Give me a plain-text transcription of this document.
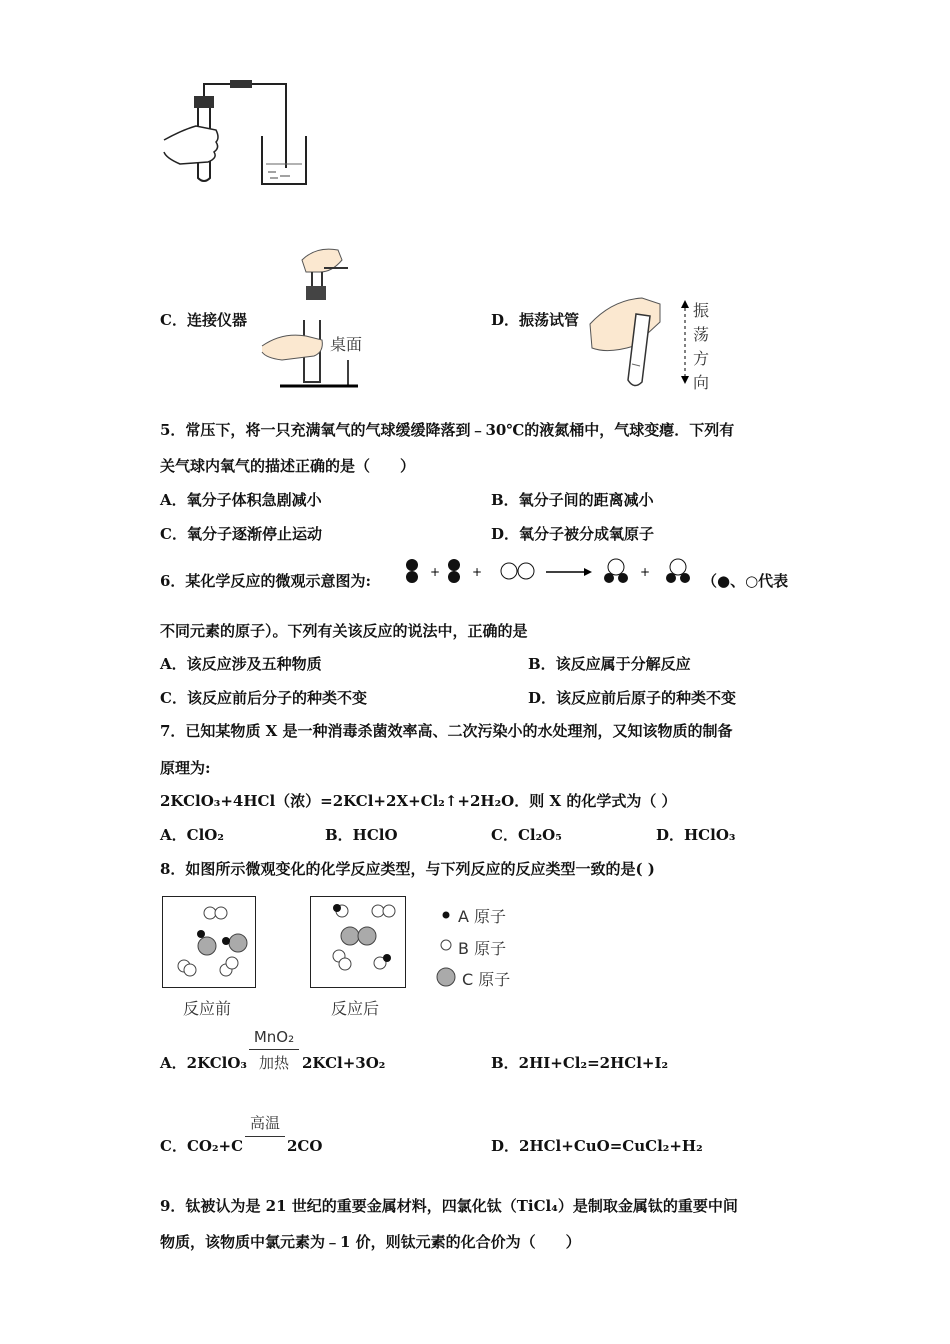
桌面
C．连接仪器	D．振荡试管	振
荡
方
向
5．常压下，将一只充满氧气的气球缓缓降落到﹣30℃的液氮桶中，气球变瘪．下列有
关气球内氧气的描述正确的是（　　）
A．氧分子体积急剧减小	B．氧分子间的距离减小
C．氧分子逐渐停止运动	D．氧分子被分成氧原子
6．某化学反应的微观示意图为:	+	+	+	（●、○代表
不同元素的原子）。下列有关该反应的说法中，正确的是
A．该反应涉及五种物质	B．该反应属于分解反应
C．该反应前后分子的种类不变	D．该反应前后原子的种类不变
7．已知某物质 X 是一种消毒杀菌效率高、二次污染小的水处理剂，又知该物质的制备
原理为:
2KClO₃+4HCl（浓）=2KCl+2X+Cl₂↑+2H₂O．则 X 的化学式为（ ）
A．ClO₂	B．HClO	C．Cl₂O₅	D．HClO₃
8．如图所示微观变化的化学反应类型，与下列反应的反应类型一致的是( )
反应前	反应后
A 原子
B 原子
C 原子
A．2KClO₃
MnO₂
加热 2KCl+3O₂	B．2HI+Cl₂=2HCl+I₂
C．CO₂+C
高温
2CO	D．2HCl+CuO=CuCl₂+H₂
9．钛被认为是 21 世纪的重要金属材料，四氯化钛（TiCl₄）是制取金属钛的重要中间
物质，该物质中氯元素为﹣1 价，则钛元素的化合价为（　　）
